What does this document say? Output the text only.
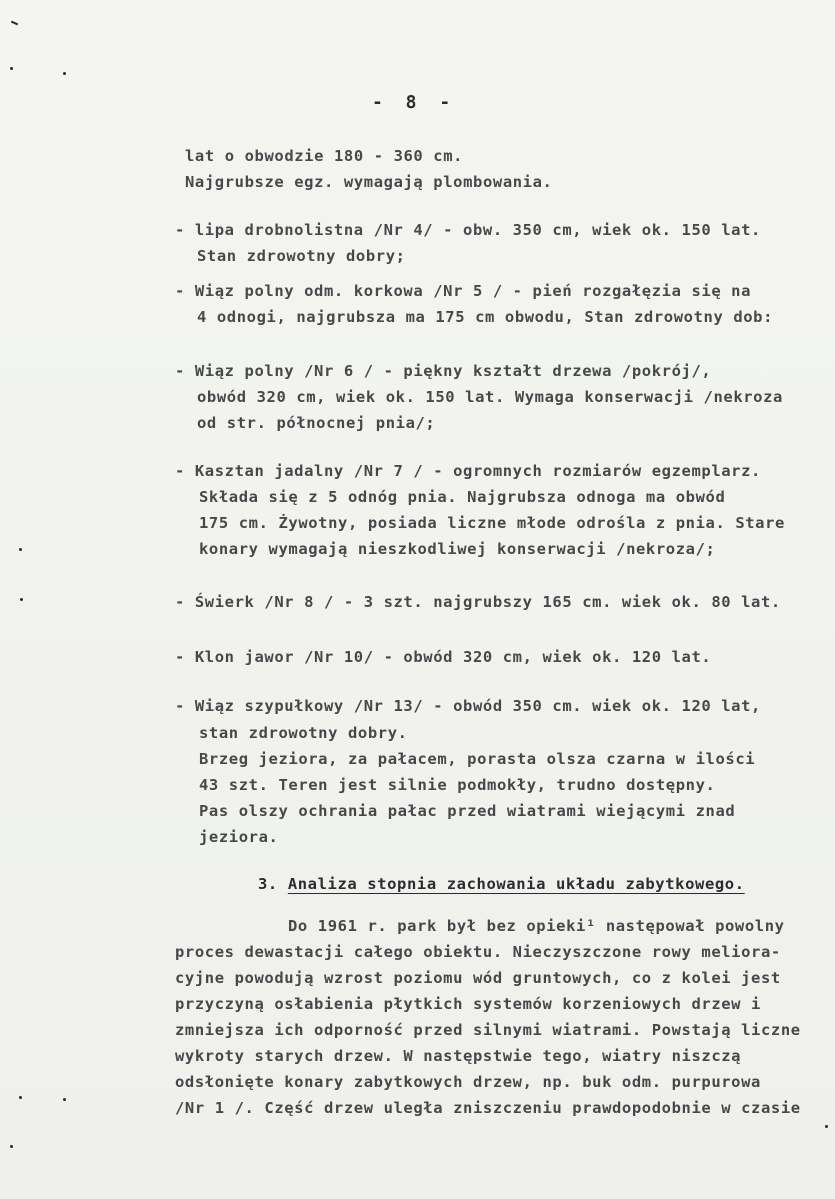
- 8 -
lat o obwodzie 180 - 360 cm.
Najgrubsze egz. wymagają plombowania.
- lipa drobnolistna /Nr 4/ - obw. 350 cm, wiek ok. 150 lat.
Stan zdrowotny dobry;
- Wiąz polny odm. korkowa /Nr 5 / - pień rozgałęzia się na
4 odnogi, najgrubsza ma 175 cm obwodu, Stan zdrowotny dob:
- Wiąz polny /Nr 6 / - piękny kształt drzewa /pokrój/,
obwód 320 cm, wiek ok. 150 lat. Wymaga konserwacji /nekroza
od str. północnej pnia/;
- Kasztan jadalny /Nr 7 / - ogromnych rozmiarów egzemplarz.
Składa się z 5 odnóg pnia. Najgrubsza odnoga ma obwód
175 cm. Żywotny, posiada liczne młode odrośla z pnia. Stare
konary wymagają nieszkodliwej konserwacji /nekroza/;
- Świerk /Nr 8 / - 3 szt. najgrubszy 165 cm. wiek ok. 80 lat.
- Klon jawor /Nr 10/ - obwód 320 cm, wiek ok. 120 lat.
- Wiąz szypułkowy /Nr 13/ - obwód 350 cm. wiek ok. 120 lat,
stan zdrowotny dobry.
Brzeg jeziora, za pałacem, porasta olsza czarna w ilości
43 szt. Teren jest silnie podmokły, trudno dostępny.
Pas olszy ochrania pałac przed wiatrami wiejącymi znad
jeziora.
3. Analiza stopnia zachowania układu zabytkowego.
Do 1961 r. park był bez opieki¹ następował powolny
proces dewastacji całego obiektu. Nieczyszczone rowy meliora-
cyjne powodują wzrost poziomu wód gruntowych, co z kolei jest
przyczyną osłabienia płytkich systemów korzeniowych drzew i
zmniejsza ich odporność przed silnymi wiatrami. Powstają liczne
wykroty starych drzew. W następstwie tego, wiatry niszczą
odsłonięte konary zabytkowych drzew, np. buk odm. purpurowa
/Nr 1 /. Część drzew uległa zniszczeniu prawdopodobnie w czasie
